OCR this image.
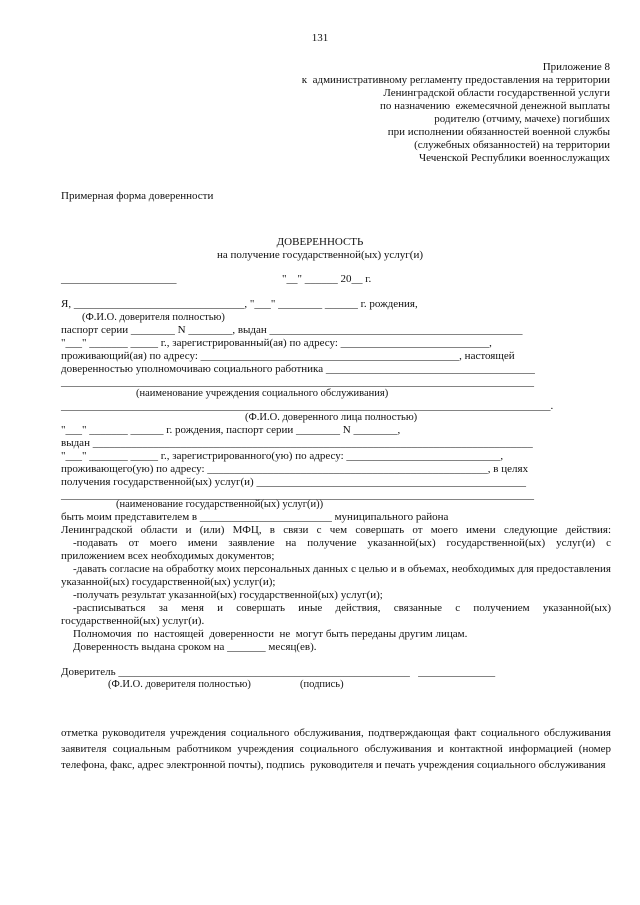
131
Приложение 8
к  административному регламенту предоставления на территории
Ленинградской области государственной услуги
по назначению  ежемесячной денежной выплаты
родителю (отчиму, мачехе) погибших
при исполнении обязанностей военной службы
(служебных обязанностей) на территории
Чеченской Республики военнослужащих
Примерная форма доверенности
ДОВЕРЕННОСТЬ
на получение государственной(ых) услуг(и)
_____________________	"__" ______ 20__ г.
Я, _______________________________, "___" ________ ______ г. рождения,
(Ф.И.О. доверителя полностью)
паспорт серии ________ N ________, выдан ______________________________________________
"___" _______ _____ г., зарегистрированный(ая) по адресу: ___________________________,
проживающий(ая) по адресу: _______________________________________________, настоящей
доверенностью уполномочиваю социального работника ______________________________________
______________________________________________________________________________________
(наименование учреждения социального обслуживания)
_________________________________________________________________________________________.
(Ф.И.О. доверенного лица полностью)
"___" _______ ______ г. рождения, паспорт серии ________ N ________,
выдан ________________________________________________________________________________
"___" _______ _____ г., зарегистрированного(ую) по адресу: ____________________________,
проживающего(ую) по адресу: ___________________________________________________, в целях
получения государственной(ых) услуг(и) _________________________________________________
______________________________________________________________________________________
(наименование государственной(ых) услуг(и))
быть моим представителем в ________________________ муниципального района
Ленинградской области и (или) МФЦ, в связи с чем совершать от моего имени следующие действия:
-подавать от моего имени заявление на получение указанной(ых) государственной(ых) услуг(и) с
приложением всех необходимых документов;
-давать согласие на обработку моих персональных данных с целью и в объемах, необходимых для предоставления
указанной(ых) государственной(ых) услуг(и);
-получать результат указанной(ых) государственной(ых) услуг(и);
-расписываться за меня и совершать иные действия, связанные с получением указанной(ых)
государственной(ых) услуг(и).
Полномочия  по  настоящей  доверенности  не  могут быть переданы другим лицам.
Доверенность выдана сроком на _______ месяц(ев).
Доверитель _____________________________________________________   ______________
(Ф.И.О. доверителя полностью)	(подпись)
отметка руководителя учреждения социального обслуживания, подтверждающая факт социального обслуживания
заявителя социальным работником учреждения социального обслуживания и контактной информацией (номер
телефона, факс, адрес электронной почты), подпись  руководителя и печать учреждения социального обслуживания
